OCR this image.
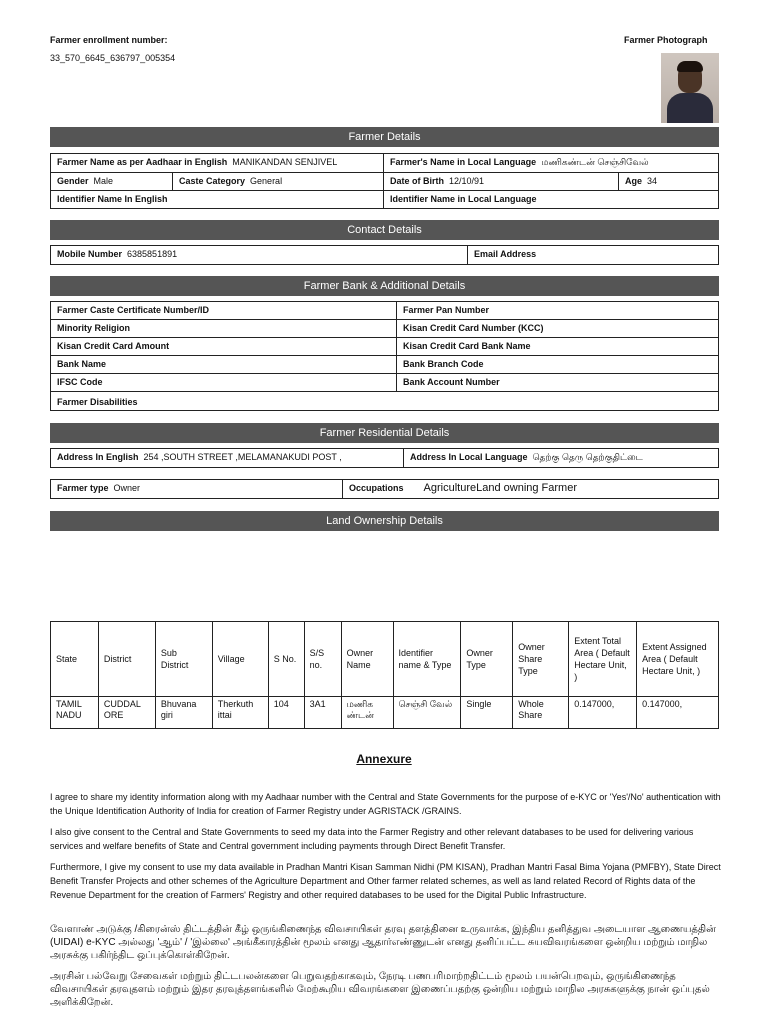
Farmer enrollment number:
33_570_6645_636797_005354
Farmer Photograph
Farmer Details
Farmer Name as per Aadhaar in English MANIKANDAN SENJIVEL	Farmer's Name in Local Language மணிகண்டன் செஞ்சிவேல்
Gender Male	Caste Category General	Date of Birth 12/10/91	Age 34
Identifier Name In English	Identifier Name in Local Language
Contact Details
Mobile Number 6385851891	Email Address
Farmer Bank & Additional Details
Farmer Caste Certificate Number/ID	Farmer Pan Number
Minority Religion	Kisan Credit Card Number (KCC)
Kisan Credit Card Amount	Kisan Credit Card Bank Name
Bank Name	Bank Branch Code
IFSC Code	Bank Account Number
Farmer Disabilities
Farmer Residential Details
Address In English 254 ,SOUTH STREET ,MELAMANAKUDI POST ,	Address In Local Language தெற்கு தெரு தெற்குதிட்டை
Farmer type Owner	Occupations AgricultureLand owning Farmer
Land Ownership Details
State	District	Sub District	Village	S No.	S/S no.	Owner Name	Identifier name & Type	Owner Type	Owner Share Type	Extent Total Area ( Default Hectare Unit, )	Extent Assigned Area ( Default Hectare Unit, )
TAMIL NADU	CUDDAL ORE	Bhuvana giri	Therkuth ittai	104	3A1	மணிக ண்டன்	செஞ்சி வேல்	Single	Whole Share	0.147000,	0.147000,
Annexure

I agree to share my identity information along with my Aadhaar number with the Central and State Governments for the purpose of e-KYC or 'Yes'/No' authentication with the Unique Identification Authority of India for creation of Farmer Registry under AGRISTACK /GRAINS.

I also give consent to the Central and State Governments to seed my data into the Farmer Registry and other relevant databases to be used for delivering various services and welfare benefits of State and Central government including payments through Direct Benefit Transfer.

Furthermore, I give my consent to use my data available in Pradhan Mantri Kisan Samman Nidhi (PM KISAN), Pradhan Mantri Fasal Bima Yojana (PMFBY), State Direct Benefit Transfer Projects and other schemes of the Agriculture Department and Other farmer related schemes, as well as land related Record of Rights data of the Revenue Department for the creation of Farmers' Registry and other required databases to be used for the Digital Public Infrastructure.

வேளாண் அடுக்கு /கிரைன்ஸ் திட்டத்தின் கீழ் ஒருங்கிணைந்த விவசாயிகள் தரவு தளத்தினை உருவாக்க, இந்திய தனித்துவ அடையாள ஆணையத்தின் (UIDAI) e-KYC அல்லது 'ஆம்' / 'இல்லை' அங்கீகாரத்தின் மூலம் எனது ஆதார்எண்ணுடன் எனது தனிப்பட்ட சுயவிவரங்களை ஒன்றிய மற்றும் மாநில அரசுக்கு பகிர்ந்திட ஒப்புக்கொள்கிறேன்.

அரசின் பல்வேறு சேவைகள் மற்றும் திட்டபலன்களை பெறுவதற்காகவும், நேரடி பணபரிமாற்றதிட்டம் மூலம் பயன்பெறவும், ஒருங்கிணைந்த விவசாயிகள் தரவுதளம் மற்றும் இதர தரவுத்தளங்களில் மேற்கூறிய விவரங்களை இணைப்பதற்கு ஒன்றிய மற்றும் மாநில அரசுகளுக்கு நான் ஒப்புதல் அளிக்கிறேன்.
